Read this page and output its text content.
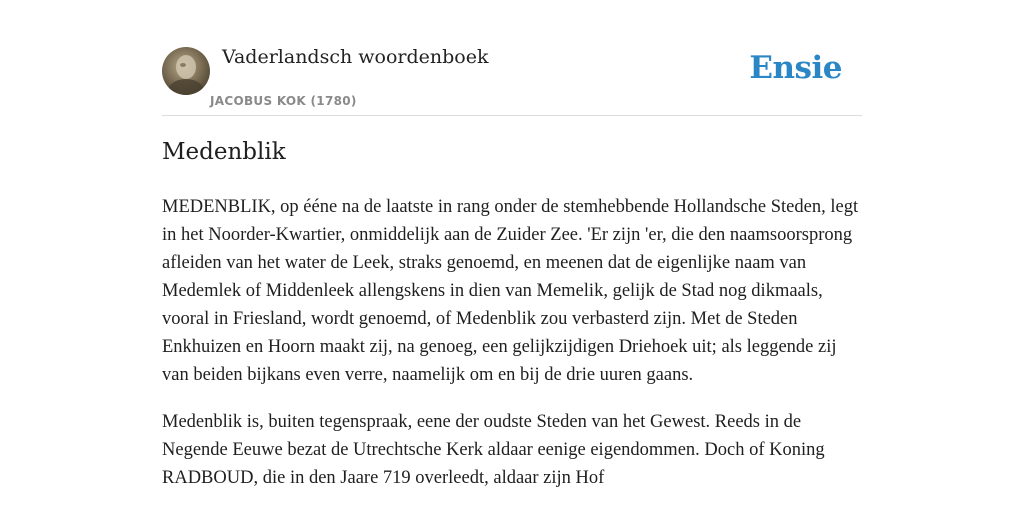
Vaderlandsch woordenboek
JACOBUS KOK (1780)
Ensie
Medenblik

MEDENBLIK, op ééne na de laatste in rang onder de stemhebbende Hollandsche Steden, legt in het Noorder-Kwartier, onmiddelijk aan de Zuider Zee. 'Er zijn 'er, die den naamsoorsprong afleiden van het water de Leek, straks genoemd, en meenen dat de eigenlijke naam van Medemlek of Middenleek allengskens in dien van Memelik, gelijk de Stad nog dikmaals, vooral in Friesland, wordt genoemd, of Medenblik zou verbasterd zijn. Met de Steden Enkhuizen en Hoorn maakt zij, na genoeg, een gelijkzijdigen Driehoek uit; als leggende zij van beiden bijkans even verre, naamelijk om en bij de drie uuren gaans.

Medenblik is, buiten tegenspraak, eene der oudste Steden van het Gewest. Reeds in de Negende Eeuwe bezat de Utrechtsche Kerk aldaar eenige eigendommen. Doch of Koning RADBOUD, die in den Jaare 719 overleedt, aldaar zijn Hof
